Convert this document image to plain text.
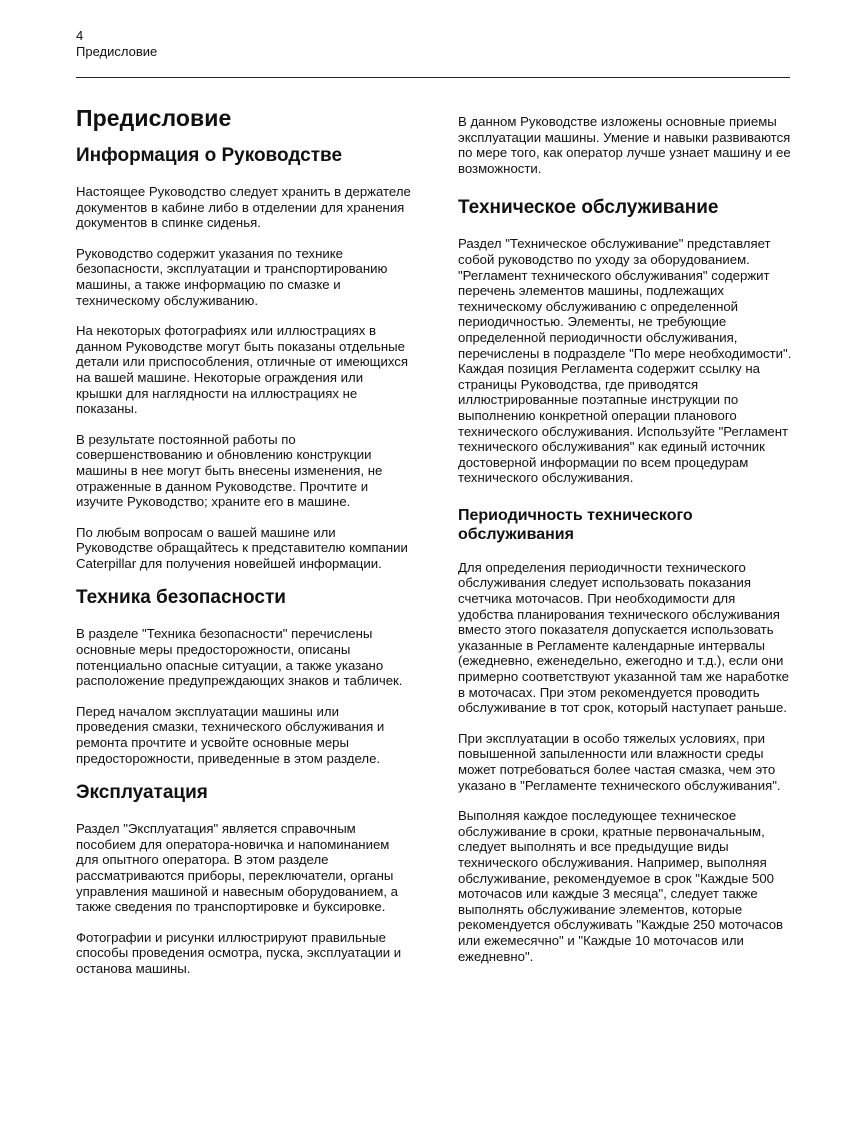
4
Предисловие
Предисловие
Информация о Руководстве

Настоящее Руководство следует хранить в держателе документов в кабине либо в отделении для хранения документов в спинке сиденья.

Руководство содержит указания по технике безопасности, эксплуатации и транспортированию машины, а также информацию по смазке и техническому обслуживанию.

На некоторых фотографиях или иллюстрациях в данном Руководстве могут быть показаны отдельные детали или приспособления, отличные от имеющихся на вашей машине. Некоторые ограждения или крышки для наглядности на иллюстрациях не показаны.

В результате постоянной работы по совершенствованию и обновлению конструкции машины в нее могут быть внесены изменения, не отраженные в данном Руководстве. Прочтите и изучите Руководство; храните его в машине.

По любым вопросам о вашей машине или Руководстве обращайтесь к представителю компании Caterpillar для получения новейшей информации.

Техника безопасности

В разделе "Техника безопасности" перечислены основные меры предосторожности, описаны потенциально опасные ситуации, а также указано расположение предупреждающих знаков и табличек.

Перед началом эксплуатации машины или проведения смазки, технического обслуживания и ремонта прочтите и усвойте основные меры предосторожности, приведенные в этом разделе.

Эксплуатация

Раздел "Эксплуатация" является справочным пособием для оператора-новичка и напоминанием для опытного оператора. В этом разделе рассматриваются приборы, переключатели, органы управления машиной и навесным оборудованием, а также сведения по транспортировке и буксировке.

Фотографии и рисунки иллюстрируют правильные способы проведения осмотра, пуска, эксплуатации и останова машины.

В данном Руководстве изложены основные приемы эксплуатации машины. Умение и навыки развиваются по мере того, как оператор лучше узнает машину и ее возможности.

Техническое обслуживание

Раздел "Техническое обслуживание" представляет собой руководство по уходу за оборудованием. "Регламент технического обслуживания" содержит перечень элементов машины, подлежащих техническому обслуживанию с определенной периодичностью. Элементы, не требующие определенной периодичности обслуживания, перечислены в подразделе "По мере необходимости". Каждая позиция Регламента содержит ссылку на страницы Руководства, где приводятся иллюстрированные поэтапные инструкции по выполнению конкретной операции планового технического обслуживания. Используйте "Регламент технического обслуживания" как единый источник достоверной информации по всем процедурам технического обслуживания.

Периодичность технического обслуживания

Для определения периодичности технического обслуживания следует использовать показания счетчика моточасов. При необходимости для удобства планирования технического обслуживания вместо этого показателя допускается использовать указанные в Регламенте календарные интервалы (ежедневно, еженедельно, ежегодно и т.д.), если они примерно соответствуют указанной там же наработке в моточасах. При этом рекомендуется проводить обслуживание в тот срок, который наступает раньше.

При эксплуатации в особо тяжелых условиях, при повышенной запыленности или влажности среды может потребоваться более частая смазка, чем это указано в "Регламенте технического обслуживания".

Выполняя каждое последующее техническое обслуживание в сроки, кратные первоначальным, следует выполнять и все предыдущие виды технического обслуживания. Например, выполняя обслуживание, рекомендуемое в срок "Каждые 500 моточасов или каждые 3 месяца", следует также выполнять обслуживание элементов, которые рекомендуется обслуживать "Каждые 250 моточасов или ежемесячно" и "Каждые 10 моточасов или ежедневно".
